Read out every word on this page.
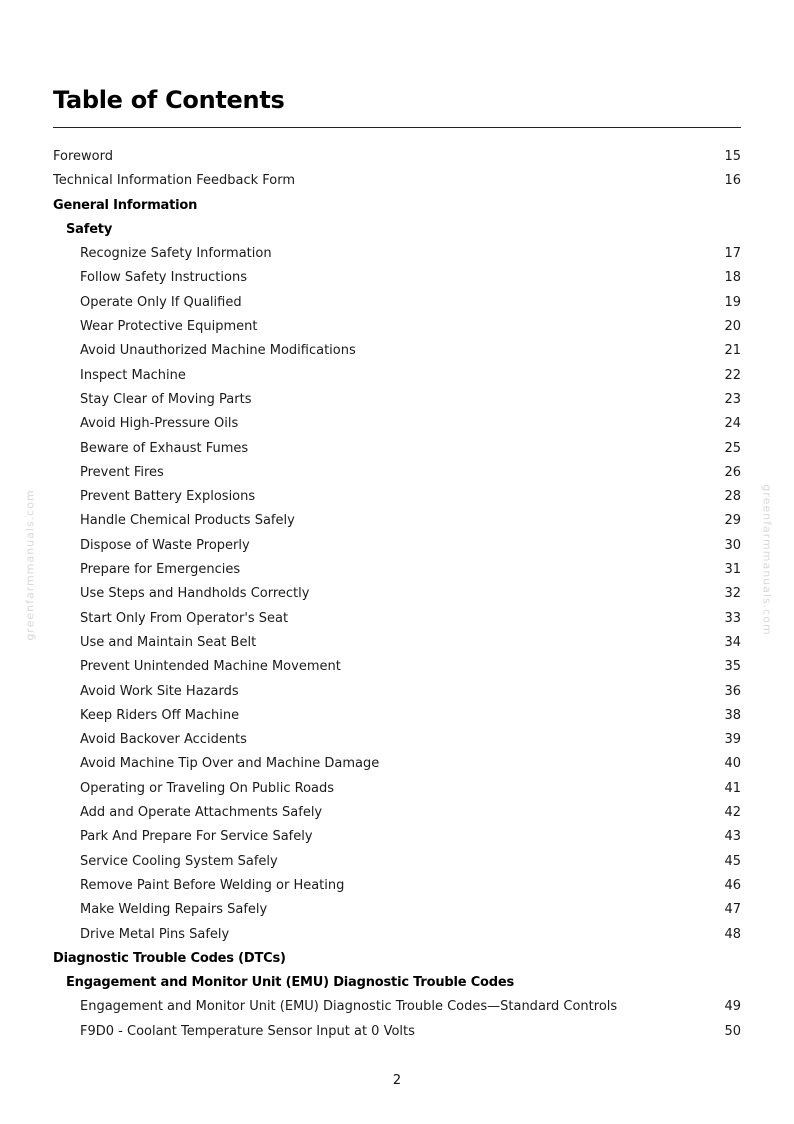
Table of Contents
Foreword	15
Technical Information Feedback Form	16
General Information
Safety
Recognize Safety Information	17
Follow Safety Instructions	18
Operate Only If Qualified	19
Wear Protective Equipment	20
Avoid Unauthorized Machine Modifications	21
Inspect Machine	22
Stay Clear of Moving Parts	23
Avoid High-Pressure Oils	24
Beware of Exhaust Fumes	25
Prevent Fires	26
Prevent Battery Explosions	28
Handle Chemical Products Safely	29
Dispose of Waste Properly	30
Prepare for Emergencies	31
Use Steps and Handholds Correctly	32
Start Only From Operator's Seat	33
Use and Maintain Seat Belt	34
Prevent Unintended Machine Movement	35
Avoid Work Site Hazards	36
Keep Riders Off Machine	38
Avoid Backover Accidents	39
Avoid Machine Tip Over and Machine Damage	40
Operating or Traveling On Public Roads	41
Add and Operate Attachments Safely	42
Park And Prepare For Service Safely	43
Service Cooling System Safely	45
Remove Paint Before Welding or Heating	46
Make Welding Repairs Safely	47
Drive Metal Pins Safely	48
Diagnostic Trouble Codes (DTCs)
Engagement and Monitor Unit (EMU) Diagnostic Trouble Codes
Engagement and Monitor Unit (EMU) Diagnostic Trouble Codes—Standard Controls	49
F9D0 - Coolant Temperature Sensor Input at 0 Volts	50
2
greenfarmmanuals.com	greenfarmmanuals.com
